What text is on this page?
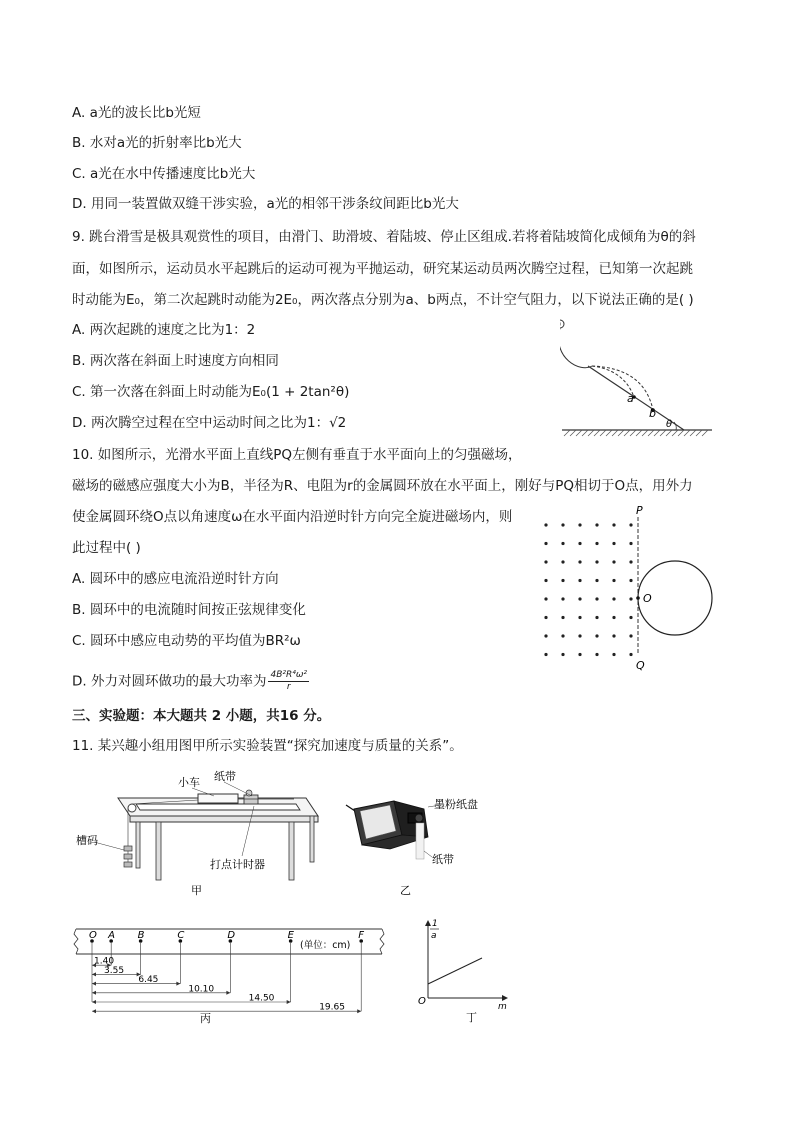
A. a光的波长比b光短
B. 水对a光的折射率比b光大
C. a光在水中传播速度比b光大
D. 用同一装置做双缝干涉实验，a光的相邻干涉条纹间距比b光大
9. 跳台滑雪是极具观赏性的项目，由滑门、助滑坡、着陆坡、停止区组成.若将着陆坡简化成倾角为θ的斜
面，如图所示，运动员水平起跳后的运动可视为平抛运动，研究某运动员两次腾空过程，已知第一次起跳
时动能为E₀，第二次起跳时动能为2E₀，两次落点分别为a、b两点，不计空气阻力，以下说法正确的是( )
A. 两次起跳的速度之比为1：2
B. 两次落在斜面上时速度方向相同
C. 第一次落在斜面上时动能为E₀(1 + 2tan²θ)
D. 两次腾空过程在空中运动时间之比为1：√2
a
b
θ
10. 如图所示，光滑水平面上直线PQ左侧有垂直于水平面向上的匀强磁场，
磁场的磁感应强度大小为B，半径为R、电阻为r的金属圆环放在水平面上，刚好与PQ相切于O点，用外力
使金属圆环绕O点以角速度ω在水平面内沿逆时针方向完全旋进磁场内，则
此过程中( )
A. 圆环中的感应电流沿逆时针方向
B. 圆环中的电流随时间按正弦规律变化
C. 圆环中感应电动势的平均值为BR²ω
D. 外力对圆环做功的最大功率为 $\frac{\text{4B²R⁴ω²}}{r}$
P
Q
O
三、实验题：本大题共 2 小题，共16 分。
11. 某兴趣小组用图甲所示实验装置“探究加速度与质量的关系”。
小车 纸带
槽码
打点计时器
甲
墨粉纸盘
纸带
乙
O A B	C	D	E	F
1.40
3.55
6.45
10.10
14.50
19.65
(单位：cm)
丙
1
a
O	m
丁
